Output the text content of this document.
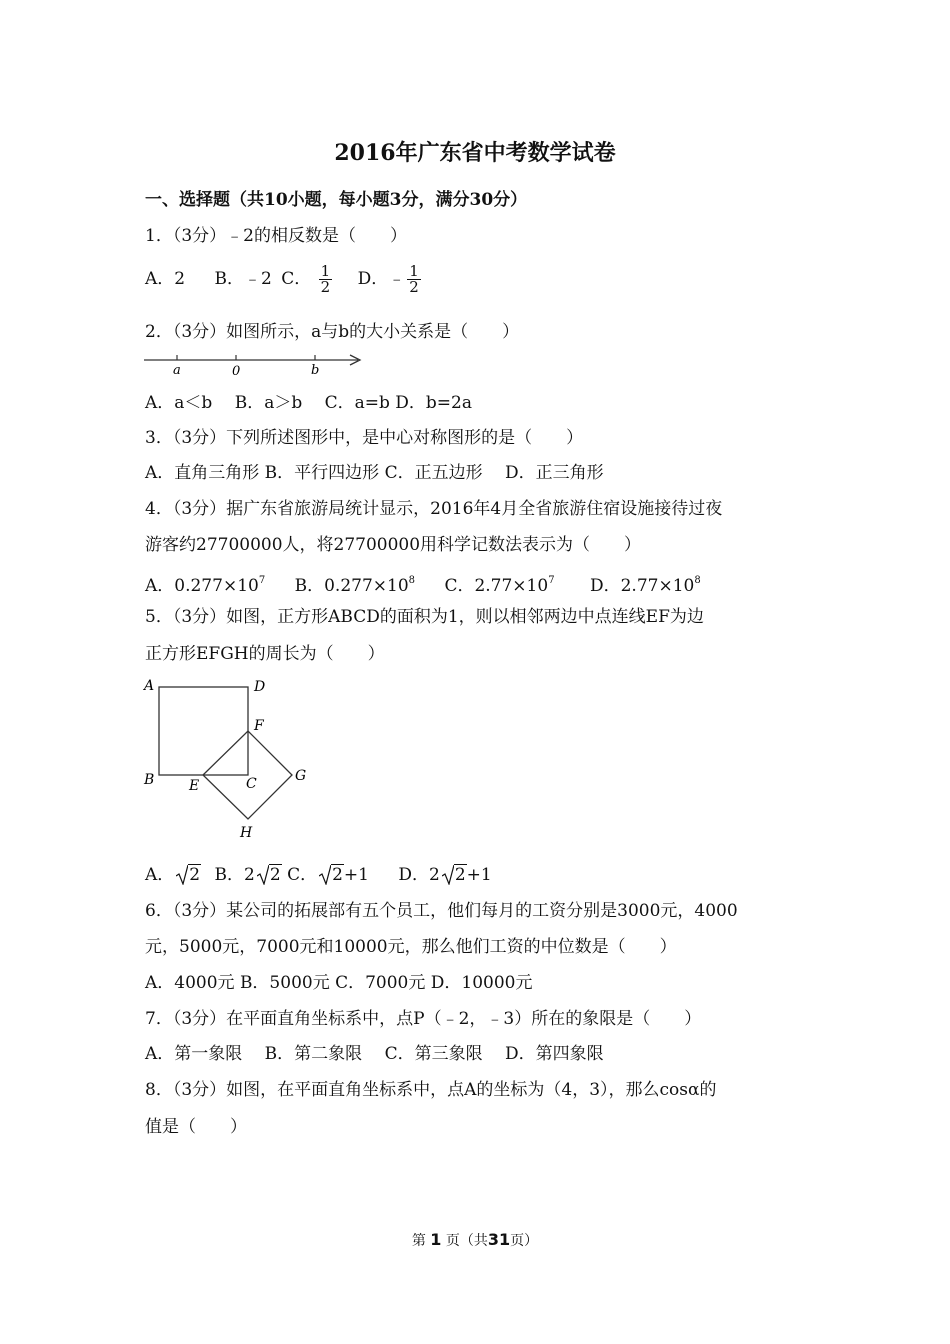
2016年广东省中考数学试卷
一、选择题（共10小题，每小题3分，满分30分）
1．（3分）﹣2的相反数是（　　）
A．2 B．﹣2 C． $\frac{1}{2}$ D．﹣ $\frac{1}{2}$
2．（3分）如图所示，a与b的大小关系是（　　）
a	0	b
A．a＜b　 B．a＞b　 C．a=b D．b=2a
3．（3分）下列所述图形中，是中心对称图形的是（　　）
A．直角三角形 B．平行四边形 C．正五边形　 D．正三角形
4．（3分）据广东省旅游局统计显示，2016年4月全省旅游住宿设施接待过夜
游客约27700000人，将27700000用科学记数法表示为（　　）
A．$0.277\times 10^7$ B．$0.277\times 10^8$ C．$2.77\times 10^7$ D．$2.77\times 10^8$
5．（3分）如图，正方形ABCD的面积为1，则以相邻两边中点连线EF为边
正方形EFGH的周长为（　　）
A	D
F
B E	C	G
H
A． 2 B．2 2 C． 2+1 D．2 2+1
6．（3分）某公司的拓展部有五个员工，他们每月的工资分别是3000元，4000
元，5000元，7000元和10000元，那么他们工资的中位数是（　　）
A．4000元 B．5000元 C．7000元 D．10000元
7．（3分）在平面直角坐标系中，点P（﹣2，﹣3）所在的象限是（　　）
A．第一象限　 B．第二象限　 C．第三象限　 D．第四象限
8．（3分）如图，在平面直角坐标系中，点A的坐标为（4，3），那么cosα的
值是（　　）
第 1 页（共31页）
